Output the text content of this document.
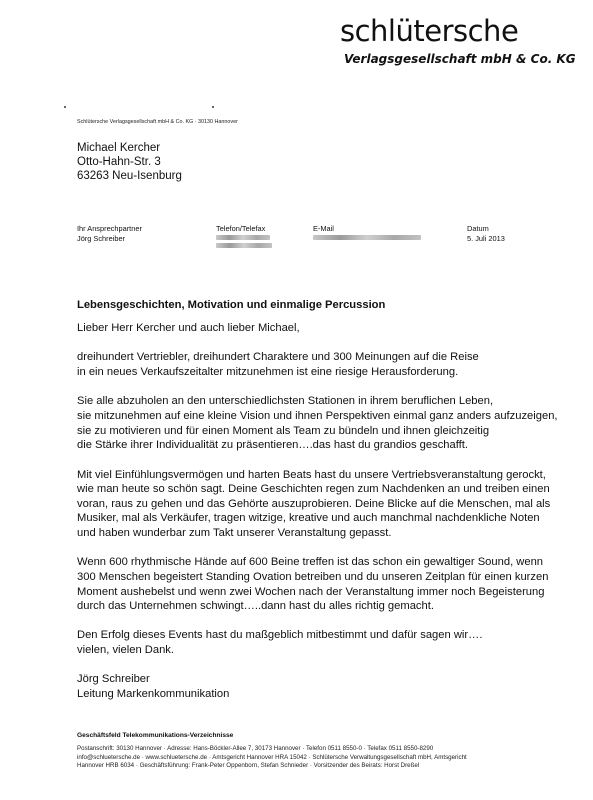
schlütersche
Verlagsgesellschaft mbH & Co. KG
Schlütersche Verlagsgesellschaft mbH & Co. KG · 30130 Hannover
Michael Kercher
Otto-Hahn-Str. 3
63263 Neu-Isenburg
Ihr Ansprechpartner
Jörg Schreiber
Telefon/Telefax	E-Mail	Datum
5. Juli 2013
Lebensgeschichten, Motivation und einmalige Percussion

Lieber Herr Kercher und auch lieber Michael,

dreihundert Vertriebler, dreihundert Charaktere und 300 Meinungen auf die Reise
in ein neues Verkaufszeitalter mitzunehmen ist eine riesige Herausforderung.

Sie alle abzuholen an den unterschiedlichsten Stationen in ihrem beruflichen Leben,
sie mitzunehmen auf eine kleine Vision und ihnen Perspektiven einmal ganz anders aufzuzeigen,
sie zu motivieren und für einen Moment als Team zu bündeln und ihnen gleichzeitig
die Stärke ihrer Individualität zu präsentieren….das hast du grandios geschafft.

Mit viel Einfühlungsvermögen und harten Beats hast du unsere Vertriebsveranstaltung gerockt,
wie man heute so schön sagt. Deine Geschichten regen zum Nachdenken an und treiben einen
voran, raus zu gehen und das Gehörte auszuprobieren. Deine Blicke auf die Menschen, mal als
Musiker, mal als Verkäufer, tragen witzige, kreative und auch manchmal nachdenkliche Noten
und haben wunderbar zum Takt unserer Veranstaltung gepasst.

Wenn 600 rhythmische Hände auf 600 Beine treffen ist das schon ein gewaltiger Sound, wenn
300 Menschen begeistert Standing Ovation betreiben und du unseren Zeitplan für einen kurzen
Moment aushebelst und wenn zwei Wochen nach der Veranstaltung immer noch Begeisterung
durch das Unternehmen schwingt…..dann hast du alles richtig gemacht.

Den Erfolg dieses Events hast du maßgeblich mitbestimmt und dafür sagen wir….
vielen, vielen Dank.

Jörg Schreiber
Leitung Markenkommunikation

Geschäftsfeld Telekommunikations-Verzeichnisse
Postanschrift: 30130 Hannover · Adresse: Hans-Böckler-Allee 7, 30173 Hannover · Telefon 0511 8550-0 · Telefax 0511 8550-8290
info@schluetersche.de · www.schluetersche.de · Amtsgericht Hannover HRA 15042 · Schlütersche Verwaltungsgesellschaft mbH, Amtsgericht
Hannover HRB 6034 · Geschäftsführung: Frank-Peter Oppenborn, Stefan Schnieder · Vorsitzender des Beirats: Horst Dreßel
